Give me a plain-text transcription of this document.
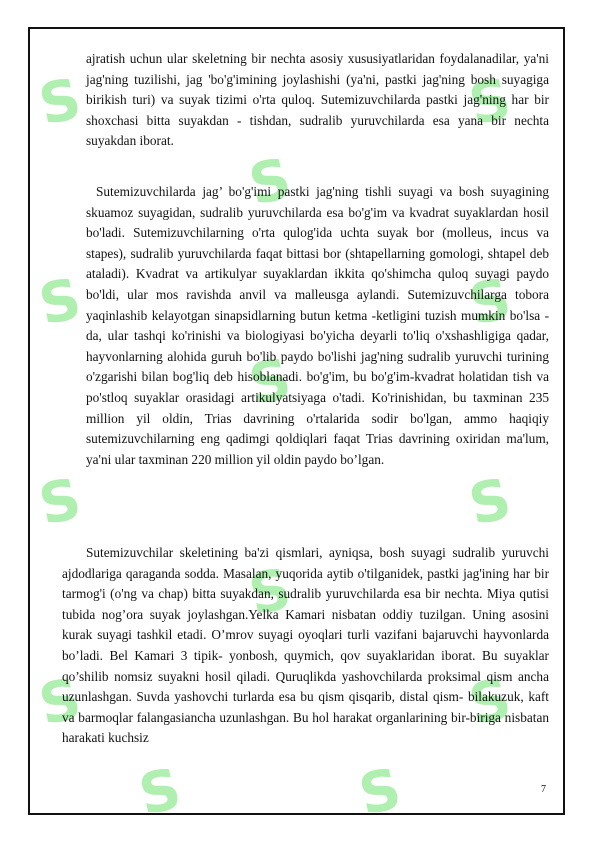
S
S
S
S
S
S
S
S
S
S
S
S	S

ajratish uchun ular skeletning bir nechta asosiy xususiyatlaridan foydalanadilar, ya'ni jag'ning tuzilishi, jag 'bo'g'imining joylashishi (ya'ni, pastki jag'ning bosh suyagiga birikish turi) va suyak tizimi o'rta quloq. Sutemizuvchilarda pastki jag'ning har bir shoxchasi bitta suyakdan - tishdan, sudralib yuruvchilarda esa yana bir nechta suyakdan iborat.

Sutemizuvchilarda jag’ bo'g'imi pastki jag'ning tishli suyagi va bosh suyagining skuamoz suyagidan, sudralib yuruvchilarda esa bo'g'im va kvadrat suyaklardan hosil bo'ladi. Sutemizuvchilarning o'rta qulog'ida uchta suyak bor (molleus, incus va stapes), sudralib yuruvchilarda faqat bittasi bor (shtapellarning gomologi, shtapel deb ataladi). Kvadrat va artikulyar suyaklardan ikkita qo'shimcha quloq suyagi paydo bo'ldi, ular mos ravishda anvil va malleusga aylandi. Sutemizuvchilarga tobora yaqinlashib kelayotgan sinapsidlarning butun ketma -ketligini tuzish mumkin bo'lsa -da, ular tashqi ko'rinishi va biologiyasi bo'yicha deyarli to'liq o'xshashligiga qadar, hayvonlarning alohida guruh bo'lib paydo bo'lishi jag'ning sudralib yuruvchi turining o'zgarishi bilan bog'liq deb hisoblanadi. bo'g'im, bu bo'g'im-kvadrat holatidan tish va po'stloq suyaklar orasidagi artikulyatsiyaga o'tadi. Ko'rinishidan, bu taxminan 235 million yil oldin, Trias davrining o'rtalarida sodir bo'lgan, ammo haqiqiy sutemizuvchilarning eng qadimgi qoldiqlari faqat Trias davrining oxiridan ma'lum, ya'ni ular taxminan 220 million yil oldin paydo bo’lgan.

Sutemizuvchilar skeletining ba'zi qismlari, ayniqsa, bosh suyagi sudralib yuruvchi ajdodlariga qaraganda sodda. Masalan, yuqorida aytib o'tilganidek, pastki jag'ining har bir tarmog'i (o'ng va chap) bitta suyakdan, sudralib yuruvchilarda esa bir nechta. Miya qutisi tubida nog’ora suyak joylashgan.Yelka Kamari nisbatan oddiy tuzilgan. Uning asosini kurak suyagi tashkil etadi. O’mrov suyagi oyoqlari turli vazifani bajaruvchi hayvonlarda bo’ladi. Bel Kamari 3 tipik- yonbosh, quymich, qov suyaklaridan iborat. Bu suyaklar qo’shilib nomsiz suyakni hosil qiladi. Quruqlikda yashovchilarda proksimal qism ancha uzunlashgan. Suvda yashovchi turlarda esa bu qism qisqarib, distal qism- bilakuzuk, kaft va barmoqlar falangasiancha uzunlashgan. Bu hol harakat organlarining bir-biriga nisbatan harakati kuchsiz

7
